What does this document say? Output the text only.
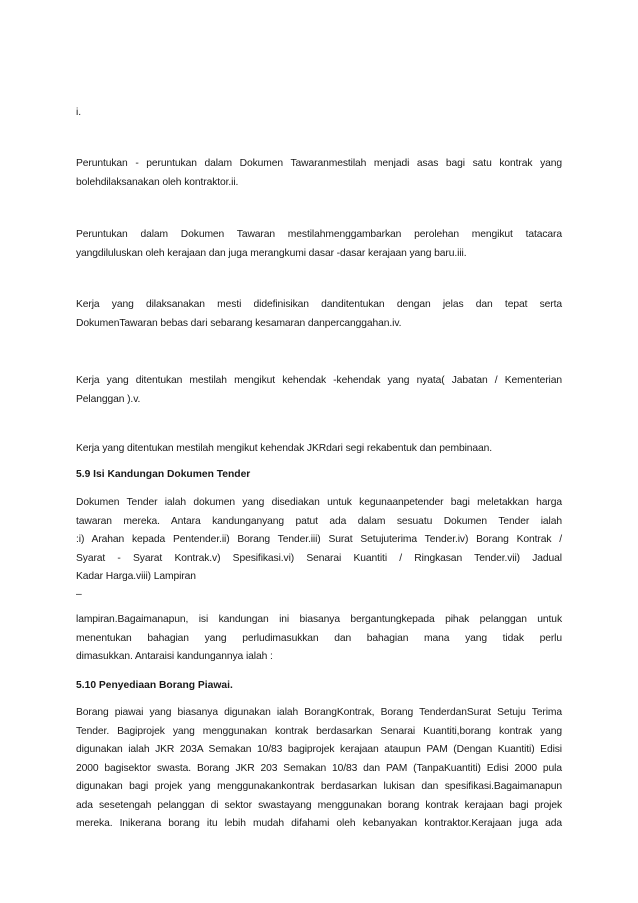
i.

Peruntukan - peruntukan dalam Dokumen Tawaranmestilah menjadi asas bagi satu kontrak yang
bolehdilaksanakan oleh kontraktor.ii.
Peruntukan dalam Dokumen Tawaran mestilahmenggambarkan perolehan mengikut tatacara
yangdiluluskan oleh kerajaan dan juga merangkumi dasar -dasar kerajaan yang baru.iii.
Kerja yang dilaksanakan mesti didefinisikan danditentukan dengan jelas dan tepat serta
DokumenTawaran bebas dari sebarang kesamaran danpercanggahan.iv.
Kerja yang ditentukan mestilah mengikut kehendak -kehendak yang nyata( Jabatan / Kementerian
Pelanggan ).v.
Kerja yang ditentukan mestilah mengikut kehendak JKRdari segi rekabentuk dan pembinaan.
5.9 Isi Kandungan Dokumen Tender
Dokumen Tender ialah dokumen yang disediakan untuk kegunaanpetender bagi meletakkan harga
tawaran mereka. Antara kandunganyang patut ada dalam sesuatu Dokumen Tender ialah
:i) Arahan kepada Pentender.ii) Borang Tender.iii) Surat Setujuterima Tender.iv) Borang Kontrak /
Syarat - Syarat Kontrak.v) Spesifikasi.vi) Senarai Kuantiti / Ringkasan Tender.vii) Jadual
Kadar Harga.viii) Lampiran

–

lampiran.Bagaimanapun, isi kandungan ini biasanya bergantungkepada pihak pelanggan untuk
menentukan bahagian yang perludimasukkan dan bahagian mana yang tidak perlu
dimasukkan. Antaraisi kandungannya ialah :
5.10 Penyediaan Borang Piawai.
Borang piawai yang biasanya digunakan ialah BorangKontrak, Borang TenderdanSurat Setuju Terima
Tender. Bagiprojek yang menggunakan kontrak berdasarkan Senarai Kuantiti,borang kontrak yang
digunakan ialah JKR 203A Semakan 10/83 bagiprojek kerajaan ataupun PAM (Dengan Kuantiti) Edisi
2000 bagisektor swasta. Borang JKR 203 Semakan 10/83 dan PAM (TanpaKuantiti) Edisi 2000 pula
digunakan bagi projek yang menggunakankontrak berdasarkan lukisan dan spesifikasi.Bagaimanapun
ada sesetengah pelanggan di sektor swastayang menggunakan borang kontrak kerajaan bagi projek
mereka. Inikerana borang itu lebih mudah difahami oleh kebanyakan kontraktor.Kerajaan juga ada
